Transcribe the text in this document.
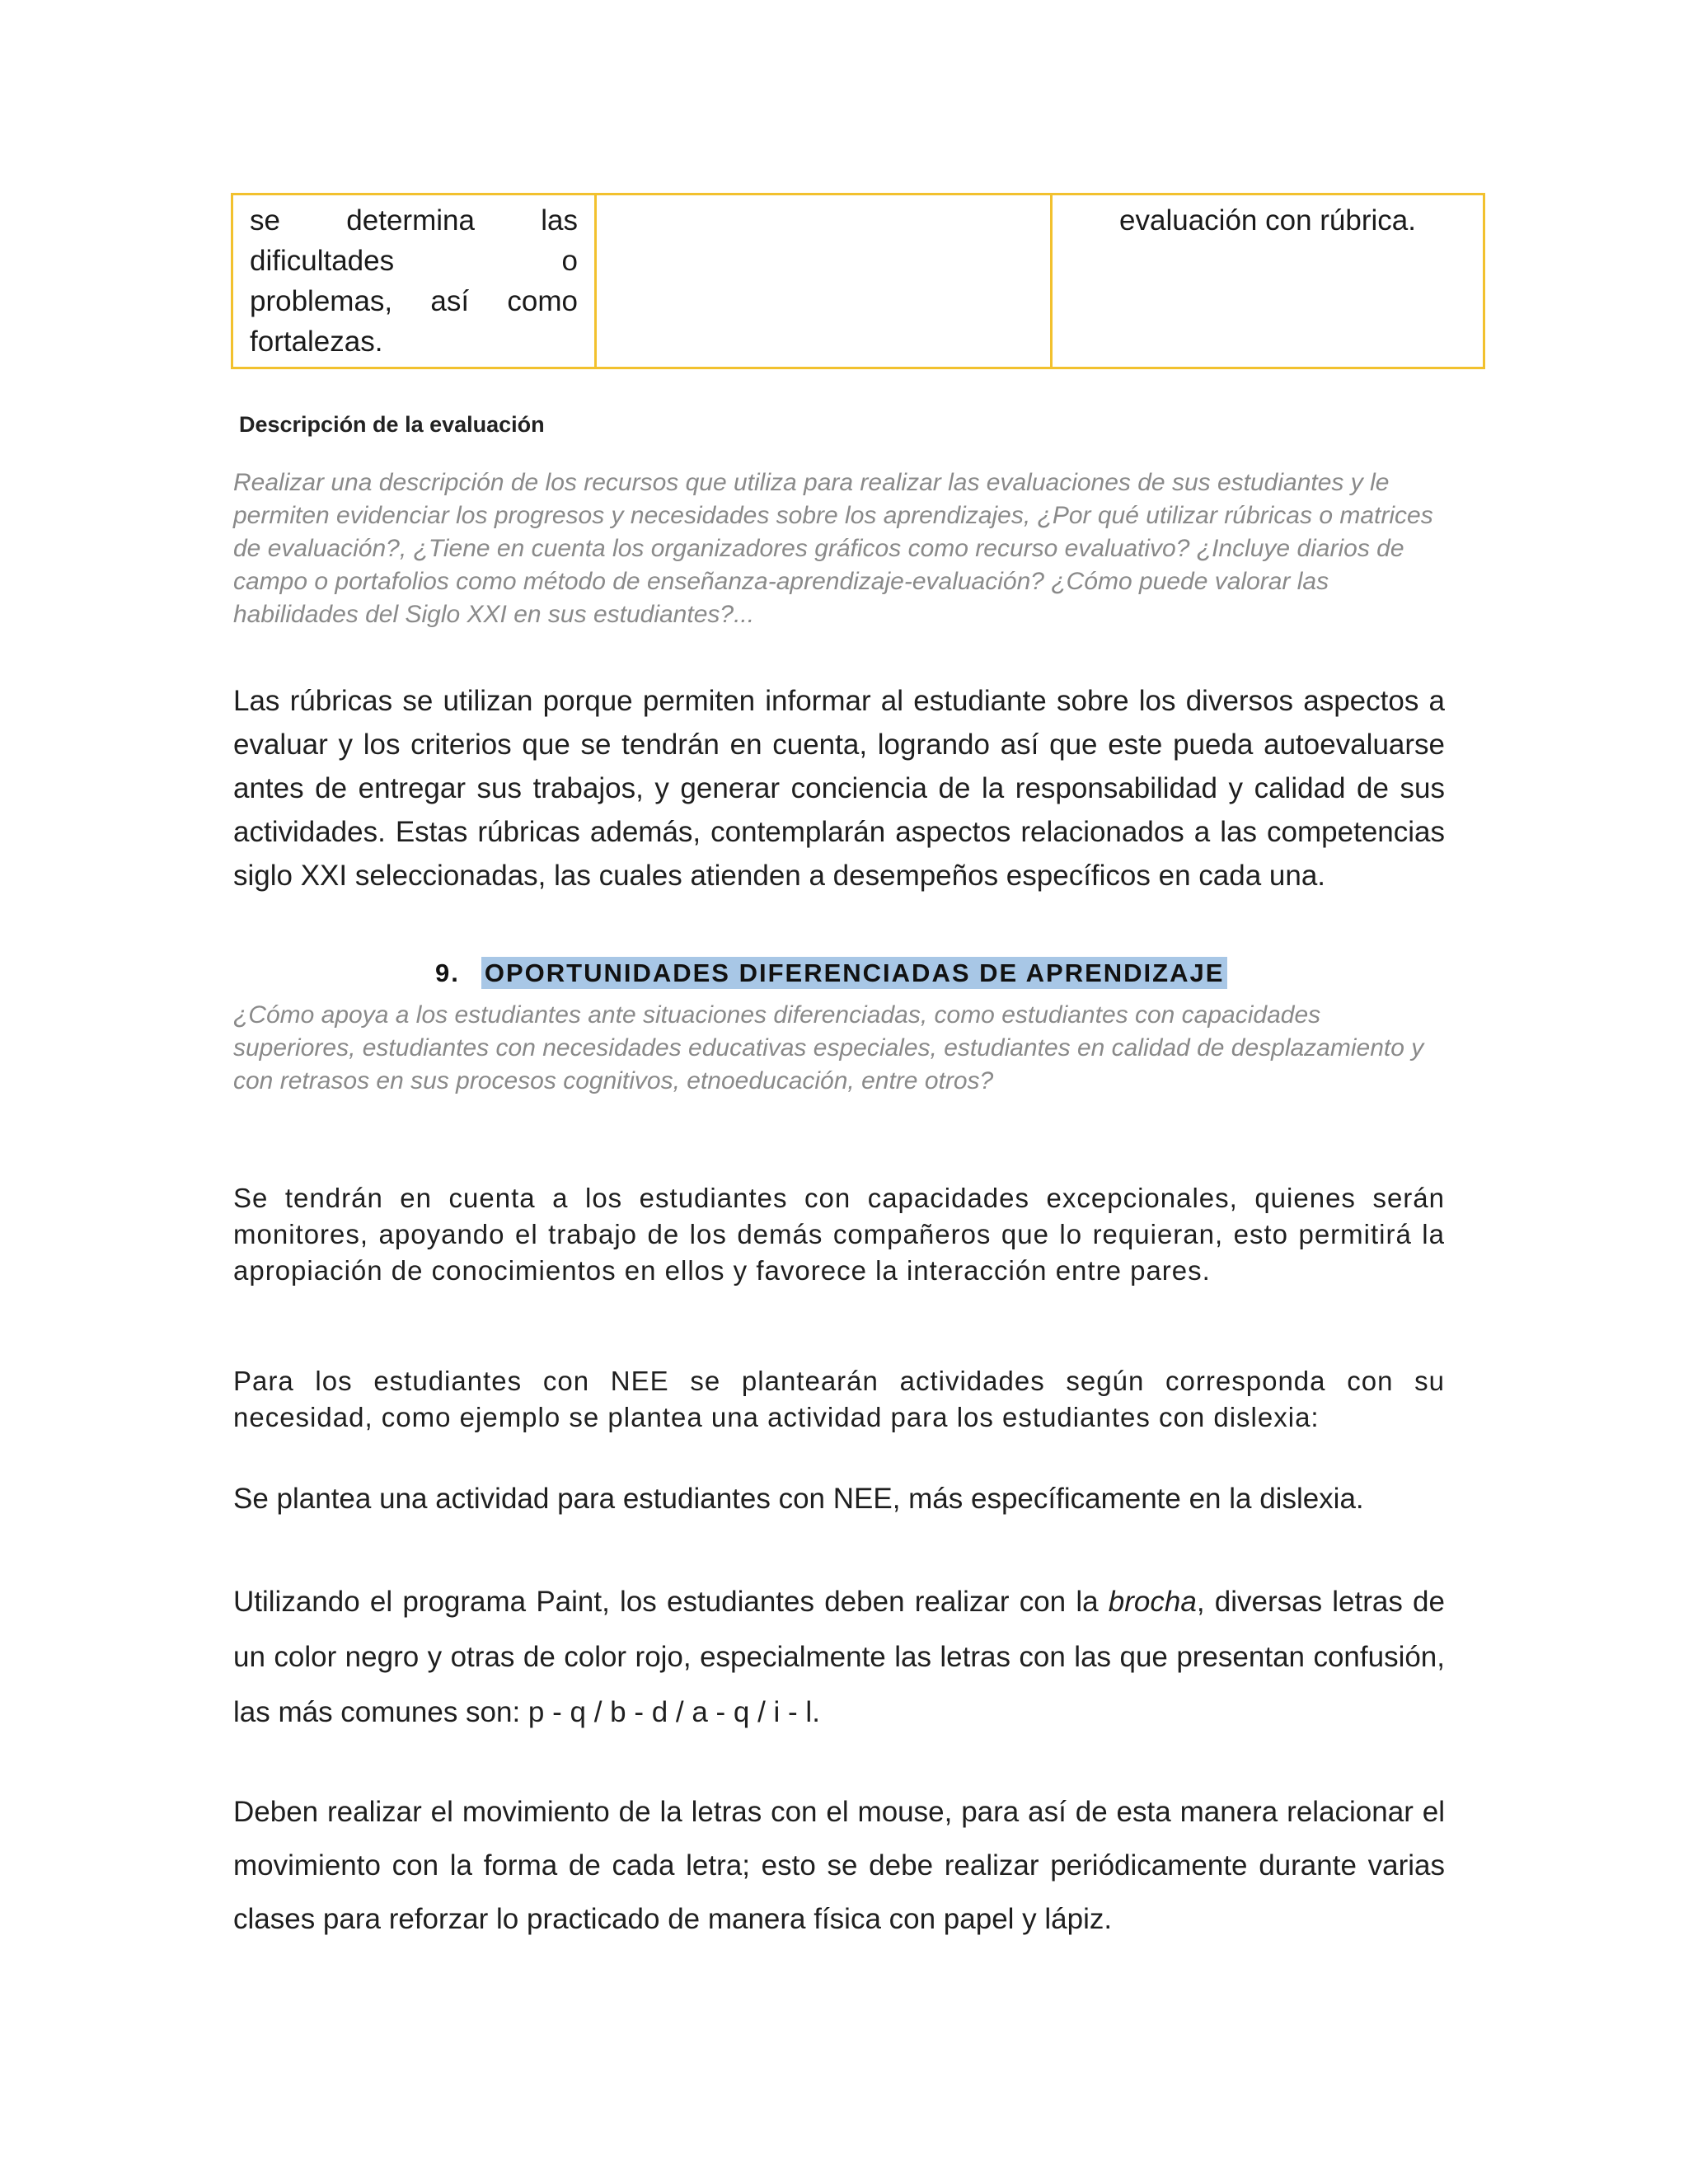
se determina las
dificultades o
problemas, así como
fortalezas.
		evaluación con rúbrica.
Descripción de la evaluación
Realizar una descripción de los recursos que utiliza para realizar las evaluaciones de sus estudiantes y le permiten evidenciar los progresos y necesidades sobre los aprendizajes, ¿Por qué utilizar rúbricas o matrices de evaluación?, ¿Tiene en cuenta los organizadores gráficos como recurso evaluativo? ¿Incluye diarios de campo o portafolios como método de enseñanza-aprendizaje-evaluación? ¿Cómo puede valorar las habilidades del Siglo XXI en sus estudiantes?...
Las rúbricas se utilizan porque permiten informar al estudiante sobre los diversos aspectos a evaluar y los criterios que se tendrán en cuenta, logrando así que este pueda autoevaluarse antes de entregar sus trabajos, y generar conciencia de la responsabilidad y calidad de sus actividades. Estas rúbricas además, contemplarán aspectos relacionados a las competencias siglo XXI seleccionadas, las cuales atienden a desempeños específicos en cada una.
9. OPORTUNIDADES DIFERENCIADAS DE APRENDIZAJE
¿Cómo apoya a los estudiantes ante situaciones diferenciadas, como estudiantes con capacidades superiores, estudiantes con necesidades educativas especiales, estudiantes en calidad de desplazamiento y con retrasos en sus procesos cognitivos, etnoeducación, entre otros?
Se tendrán en cuenta a los estudiantes con capacidades excepcionales, quienes serán monitores, apoyando el trabajo de los demás compañeros que lo requieran, esto permitirá la apropiación de conocimientos en ellos y favorece la interacción entre pares.
Para los estudiantes con NEE se plantearán actividades según corresponda con su necesidad, como ejemplo se plantea una actividad para los estudiantes con dislexia:
Se plantea una actividad para estudiantes con NEE, más específicamente en la dislexia.
Utilizando el programa Paint, los estudiantes deben realizar con la brocha, diversas letras de un color negro y otras de color rojo, especialmente las letras con las que presentan confusión, las más comunes son: p - q / b - d / a - q / i - l.
Deben realizar el movimiento de la letras con el mouse, para así de esta manera relacionar el movimiento con la forma de cada letra; esto se debe realizar periódicamente durante varias clases para reforzar lo practicado de manera física con papel y lápiz.
